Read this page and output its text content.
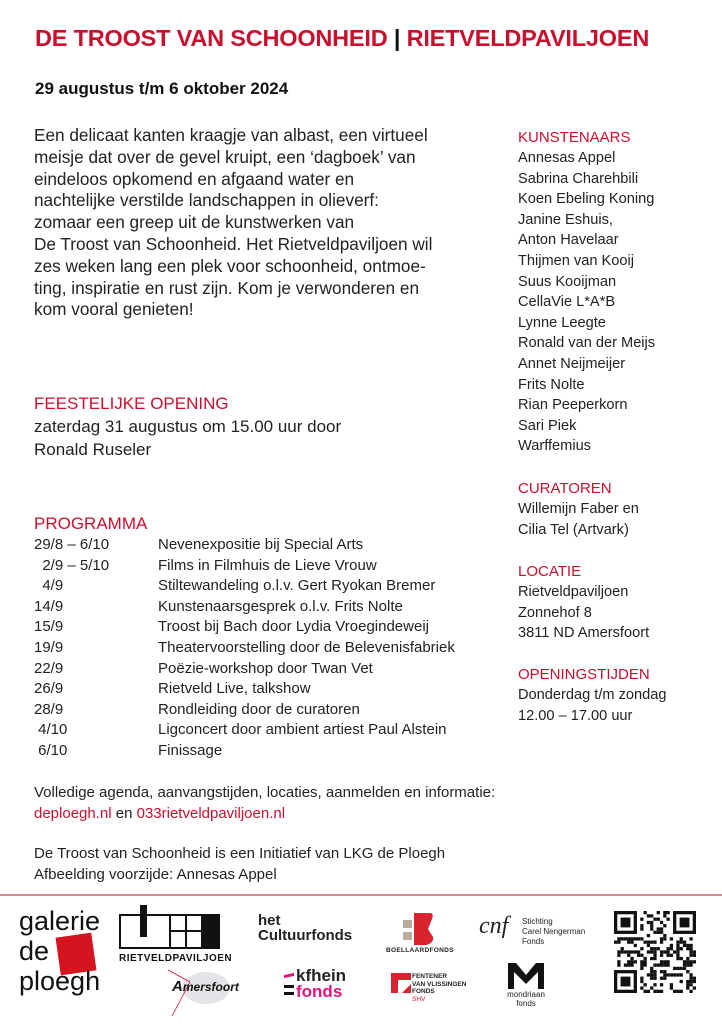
DE TROOST VAN SCHOONHEID | RIETVELDPAVILJOEN
29 augustus t/m 6 oktober 2024
Een delicaat kanten kraagje van albast, een virtueel
meisje dat over de gevel kruipt, een ‘dagboek’ van
eindeloos opkomend en afgaand water en
nachtelijke verstilde landschappen in olieverf:
zomaar een greep uit de kunstwerken van
De Troost van Schoonheid. Het Rietveldpaviljoen wil
zes weken lang een plek voor schoonheid, ontmoe-
ting, inspiratie en rust zijn. Kom je verwonderen en
kom vooral genieten!
FEESTELIJKE OPENING
zaterdag 31 augustus om 15.00 uur door
Ronald Ruseler
PROGRAMMA
29/8 – 6/10	Nevenexpositie bij Special Arts
2/9 – 5/10	Films in Filmhuis de Lieve Vrouw
4/9	Stiltewandeling o.l.v. Gert Ryokan Bremer
14/9	Kunstenaarsgesprek o.l.v. Frits Nolte
15/9	Troost bij Bach door Lydia Vroegindeweij
19/9	Theatervoorstelling door de Belevenisfabriek
22/9	Poëzie-workshop door Twan Vet
26/9	Rietveld Live, talkshow
28/9	Rondleiding door de curatoren
4/10	Ligconcert door ambient artiest Paul Alstein
6/10	Finissage
Volledige agenda, aanvangstijden, locaties, aanmelden en informatie:
deploegh.nl en 033rietveldpaviljoen.nl
De Troost van Schoonheid is een Initiatief van LKG de Ploegh
Afbeelding voorzijde: Annesas Appel
KUNSTENAARS
Annesas Appel
Sabrina Charehbili
Koen Ebeling Koning
Janine Eshuis,
Anton Havelaar
Thijmen van Kooij
Suus Kooijman
CellaVie L*A*B
Lynne Leegte
Ronald van der Meijs
Annet Neijmeijer
Frits Nolte
Rian Peeperkorn
Sari Piek
Warffemius
CURATOREN
Willemijn Faber en
Cilia Tel (Artvark)
LOCATIE
Rietveldpaviljoen
Zonnehof 8
3811 ND Amersfoort
OPENINGSTIJDEN
Donderdag t/m zondag
12.00 – 17.00 uur
galerie
de
ploegh
RIETVELDPAVILJOEN
Amersfoort
het
Cultuurfonds
kfhein
fonds
BOELLAARDFONDS
FENTENER
VAN VLISSINGEN
FONDS
SHV
cnf Stichting
Carel Nengerman
Fonds
mondriaan
fonds
